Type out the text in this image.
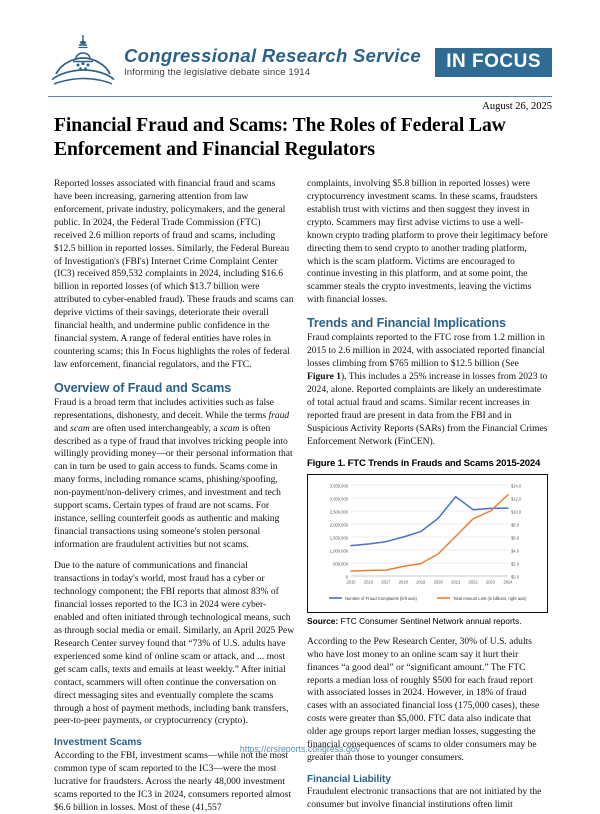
Congressional Research Service
Informing the legislative debate since 1914
IN FOCUS
August 26, 2025
Financial Fraud and Scams: The Roles of Federal Law Enforcement and Financial Regulators

Reported losses associated with financial fraud and scams have been increasing, garnering attention from law enforcement, private industry, policymakers, and the general public. In 2024, the Federal Trade Commission (FTC) received 2.6 million reports of fraud and scams, including $12.5 billion in reported losses. Similarly, the Federal Bureau of Investigation's (FBI's) Internet Crime Complaint Center (IC3) received 859,532 complaints in 2024, including $16.6 billion in reported losses (of which $13.7 billion were attributed to cyber-enabled fraud). These frauds and scams can deprive victims of their savings, deteriorate their overall financial health, and undermine public confidence in the financial system. A range of federal entities have roles in countering scams; this In Focus highlights the roles of federal law enforcement, financial regulators, and the FTC.

Overview of Fraud and Scams

Fraud is a broad term that includes activities such as false representations, dishonesty, and deceit. While the terms fraud and scam are often used interchangeably, a scam is often described as a type of fraud that involves tricking people into willingly providing money—or their personal information that can in turn be used to gain access to funds. Scams come in many forms, including romance scams, phishing/spoofing, non-payment/non-delivery crimes, and investment and tech support scams. Certain types of fraud are not scams. For instance, selling counterfeit goods as authentic and making financial transactions using someone's stolen personal information are fraudulent activities but not scams.

Due to the nature of communications and financial transactions in today's world, most fraud has a cyber or technology component; the FBI reports that almost 83% of financial losses reported to the IC3 in 2024 were cyber-enabled and often initiated through technological means, such as through social media or email. Similarly, an April 2025 Pew Research Center survey found that “73% of U.S. adults have experienced some kind of online scam or attack, and ... most get scam calls, texts and emails at least weekly.” After initial contact, scammers will often continue the conversation on direct messaging sites and eventually complete the scams through a host of payment methods, including bank transfers, peer-to-peer payments, or cryptocurrency (crypto).

Investment Scams

According to the FBI, investment scams—while not the most common type of scam reported to the IC3—were the most lucrative for fraudsters. Across the nearly 48,000 investment scams reported to the IC3 in 2024, consumers reported almost $6.6 billion in losses. Most of these (41,557

complaints, involving $5.8 billion in reported losses) were cryptocurrency investment scams. In these scams, fraudsters establish trust with victims and then suggest they invest in crypto. Scammers may first advise victims to use a well-known crypto trading platform to prove their legitimacy before directing them to send crypto to another trading platform, which is the scam platform. Victims are encouraged to continue investing in this platform, and at some point, the scammer steals the crypto investments, leaving the victims with financial losses.

Trends and Financial Implications

Fraud complaints reported to the FTC rose from 1.2 million in 2015 to 2.6 million in 2024, with associated reported financial losses climbing from $765 million to $12.5 billion (See Figure 1). This includes a 25% increase in losses from 2023 to 2024, alone. Reported complaints are likely an underestimate of total actual fraud and scams. Similar recent increases in reported fraud are present in data from the FBI and in Suspicious Activity Reports (SARs) from the Financial Crimes Enforcement Network (FinCEN).

Figure 1. FTC Trends in Frauds and Scams 2015-2024
0	$0.0
500,000	$2.0
1,000,000	$4.0
1,500,000	$6.0
2,000,000	$8.0
2,500,000	$10.0
3,000,000	$12.0
3,500,000	$14.0
2015 2016 2017 2018 2019 2020 2021 2022 2023 2024
Number of Fraud Complaints (left axis)	Total Amount Lost (in billions, right axis)
Source: FTC Consumer Sentinel Network annual reports.

According to the Pew Research Center, 30% of U.S. adults who have lost money to an online scam say it hurt their finances “a good deal” or “significant amount.” The FTC reports a median loss of roughly $500 for each fraud report with associated losses in 2024. However, in 18% of fraud cases with an associated financial loss (175,000 cases), these costs were greater than $5,000. FTC data also indicate that older age groups report larger median losses, suggesting the financial consequences of scams to older consumers may be greater than those to younger consumers.

Financial Liability

Fraudulent electronic transactions that are not initiated by the consumer but involve financial institutions often limit

https://crsreports.congress.gov
